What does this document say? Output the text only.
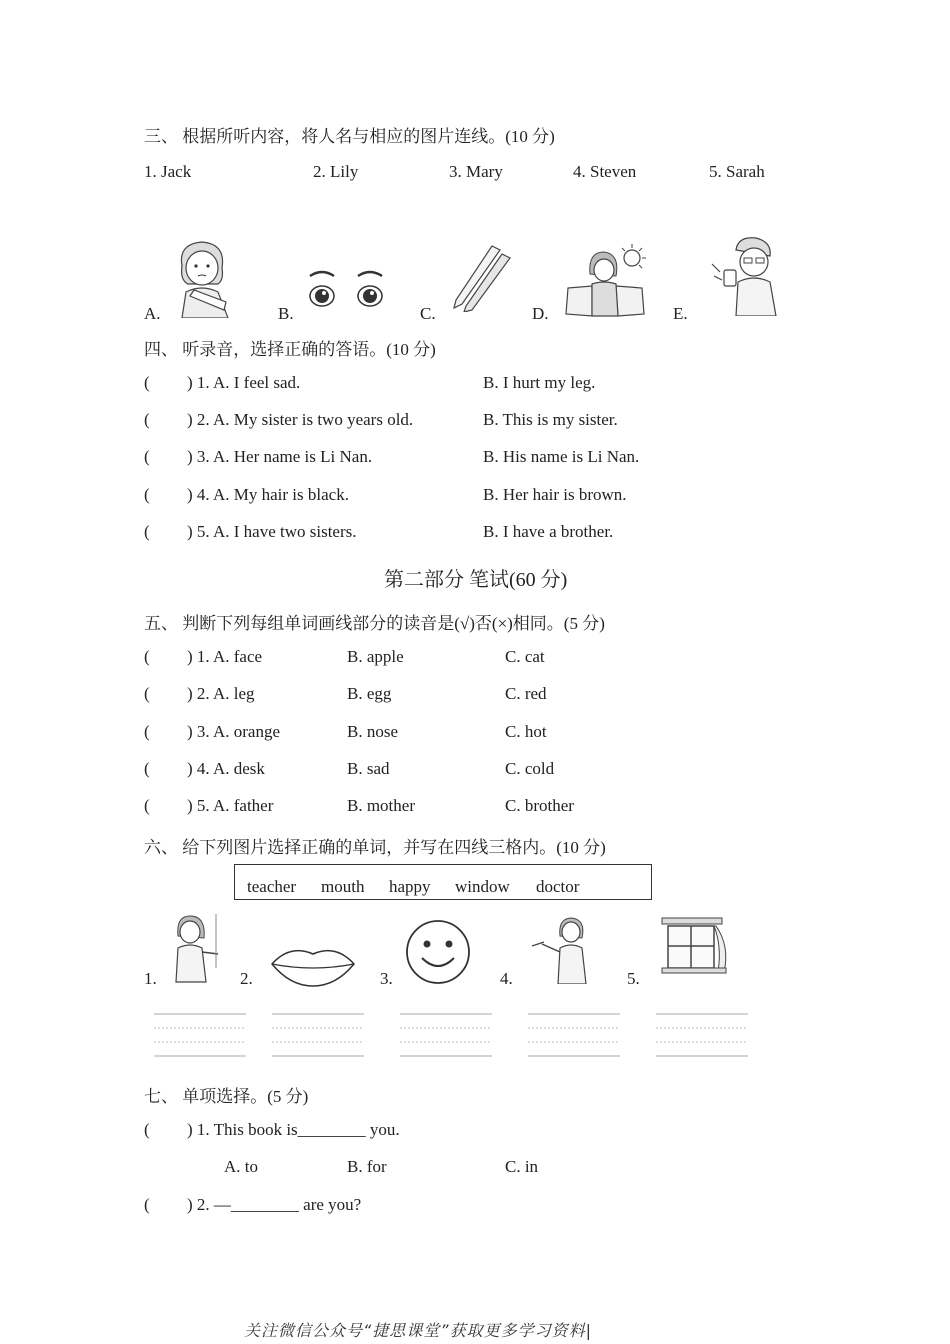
三、 根据所听内容，将人名与相应的图片连线。(10 分)
1. Jack	2. Lily	3. Mary	4. Steven	5. Sarah
A.	B.	C.	D.	E.
四、 听录音，选择正确的答语。(10 分)
( ) 1. A. I feel sad.	B. I hurt my leg.
( ) 2. A. My sister is two years old.	B. This is my sister.
( ) 3. A. Her name is Li Nan.	B. His name is Li Nan.
( ) 4. A. My hair is black.	B. Her hair is brown.
( ) 5. A. I have two sisters.	B. I have a brother.
第二部分 笔试(60 分)
五、 判断下列每组单词画线部分的读音是(√)否(×)相同。(5 分)
( ) 1. A. face	B. apple	C. cat
( ) 2. A. leg	B. egg	C. red
( ) 3. A. orange	B. nose	C. hot
( ) 4. A. desk	B. sad	C. cold
( ) 5. A. father	B. mother	C. brother
六、 给下列图片选择正确的单词，并写在四线三格内。(10 分)
teacher mouth happy window doctor
1.	2.	3.	4.	5.
七、 单项选择。(5 分)
( ) 1. This book is________ you.
A. to	B. for	C. in
( ) 2. —________ are you?
关注微信公众号“捷思课堂”获取更多学习资料|
